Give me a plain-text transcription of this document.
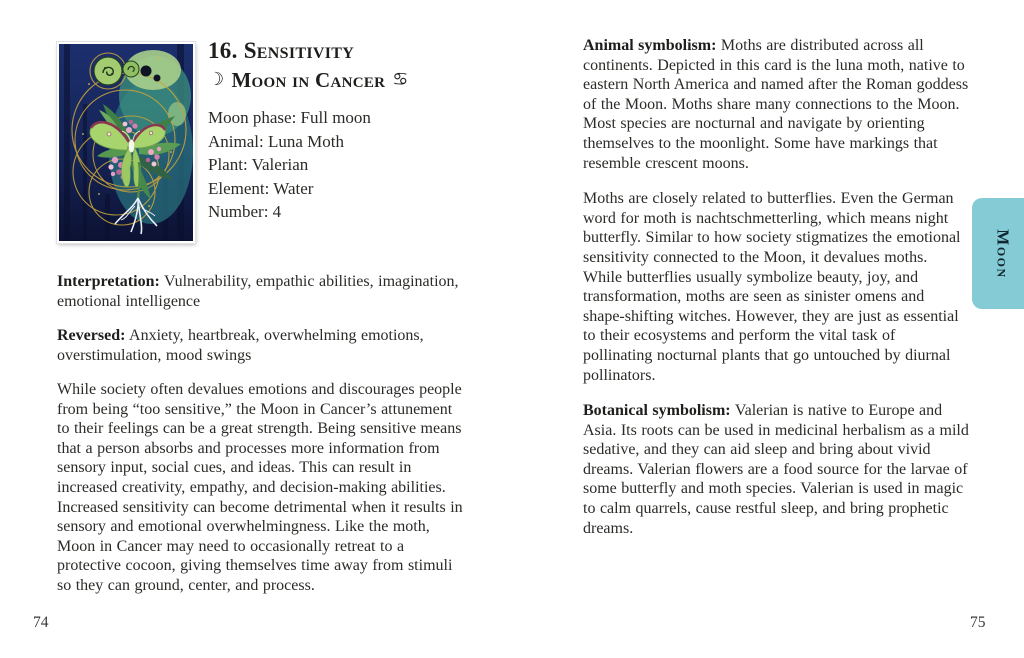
16. Sensitivity
☽ Moon in Cancer ♋
Moon phase: Full moon
Animal: Luna Moth
Plant: Valerian
Element: Water
Number: 4

Interpretation: Vulnerability, empathic abilities, imagination, emotional intelligence

Reversed: Anxiety, heartbreak, overwhelming emotions, overstimulation, mood swings

While society often devalues emotions and discourages people from being “too sensitive,” the Moon in Cancer’s attunement to their feelings can be a great strength. Being sensitive means that a person absorbs and processes more information from sensory input, social cues, and ideas. This can result in increased creativity, empathy, and decision-making abilities. Increased sensitivity can become detrimental when it results in sensory and emotional overwhelmingness. Like the moth, Moon in Cancer may need to occasionally retreat to a protective cocoon, giving themselves time away from stimuli so they can ground, center, and process.

74

Animal symbolism: Moths are distributed across all continents. Depicted in this card is the luna moth, native to eastern North America and named after the Roman goddess of the Moon. Moths share many connections to the Moon. Most species are nocturnal and navigate by orienting themselves to the moonlight. Some have markings that resemble crescent moons.

Moths are closely related to butterflies. Even the German word for moth is nachtschmetterling, which means night butterfly. Similar to how society stigmatizes the emotional sensitivity connected to the Moon, it devalues moths. While butterflies usually symbolize beauty, joy, and transformation, moths are seen as sinister omens and shape-shifting witches. However, they are just as essential to their ecosystems and perform the vital task of pollinating nocturnal plants that go untouched by diurnal pollinators.

Botanical symbolism: Valerian is native to Europe and Asia. Its roots can be used in medicinal herbalism as a mild sedative, and they can aid sleep and bring about vivid dreams. Valerian flowers are a food source for the larvae of some butterfly and moth species. Valerian is used in magic to calm quarrels, cause restful sleep, and bring prophetic dreams.

75
Moon
